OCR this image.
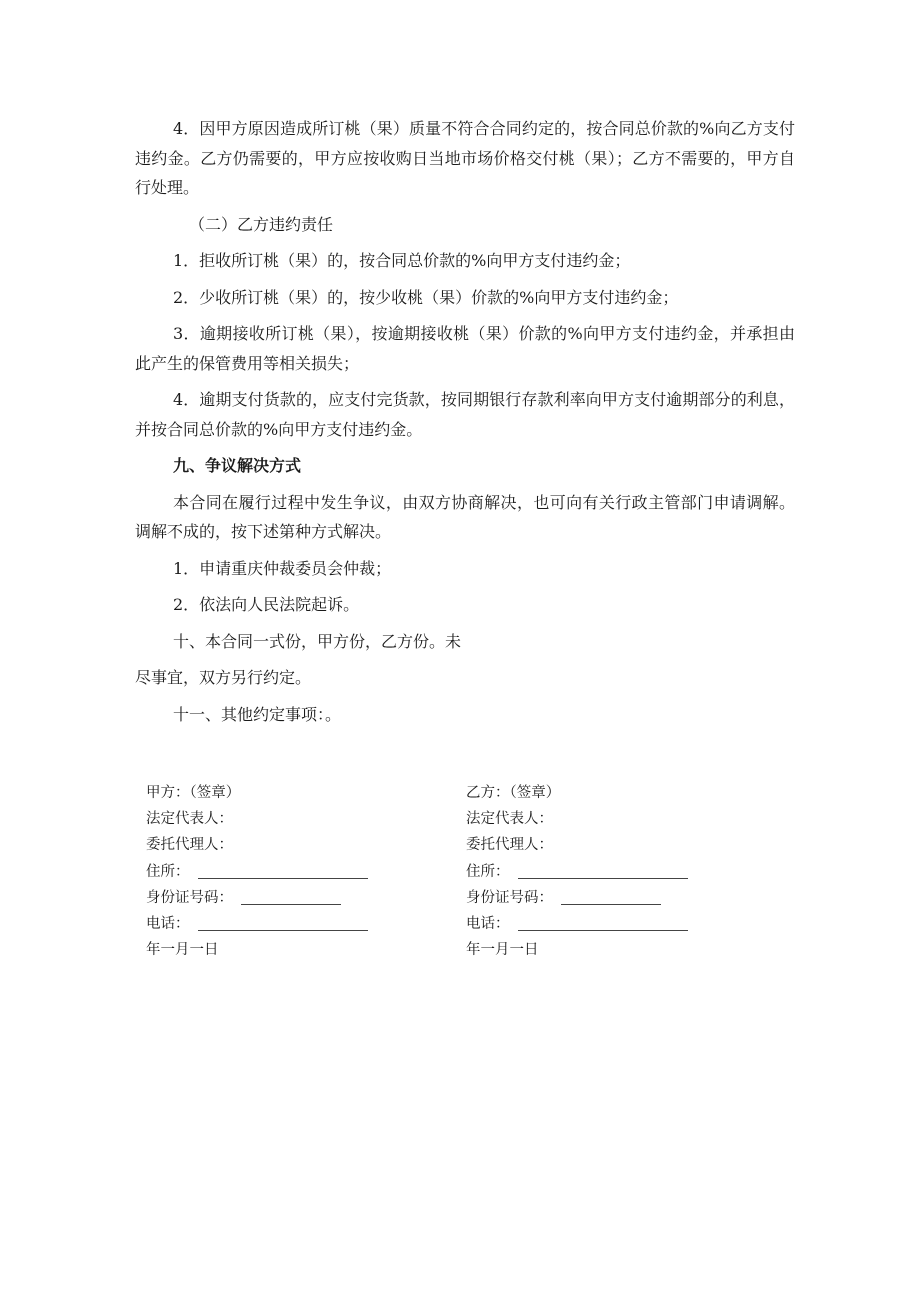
4．因甲方原因造成所订桃（果）质量不符合合同约定的，按合同总价款的%向乙方支付违约金。乙方仍需要的，甲方应按收购日当地市场价格交付桃（果）；乙方不需要的，甲方自行处理。

（二）乙方违约责任

1．拒收所订桃（果）的，按合同总价款的%向甲方支付违约金；

2．少收所订桃（果）的，按少收桃（果）价款的%向甲方支付违约金；

3．逾期接收所订桃（果），按逾期接收桃（果）价款的%向甲方支付违约金，并承担由此产生的保管费用等相关损失；

4．逾期支付货款的，应支付完货款，按同期银行存款利率向甲方支付逾期部分的利息，并按合同总价款的%向甲方支付违约金。

九、争议解决方式

本合同在履行过程中发生争议，由双方协商解决，也可向有关行政主管部门申请调解。调解不成的，按下述第种方式解决。

1．申请重庆仲裁委员会仲裁；

2．依法向人民法院起诉。

十、本合同一式份，甲方份，乙方份。未

尽事宜，双方另行约定。

十一、其他约定事项：。

甲方：（签章）
法定代表人：
委托代理人：
住所：
身份证号码：
电话：
年一月一日
乙方：（签章）
法定代表人：
委托代理人：
住所：
身份证号码：
电话：
年一月一日
